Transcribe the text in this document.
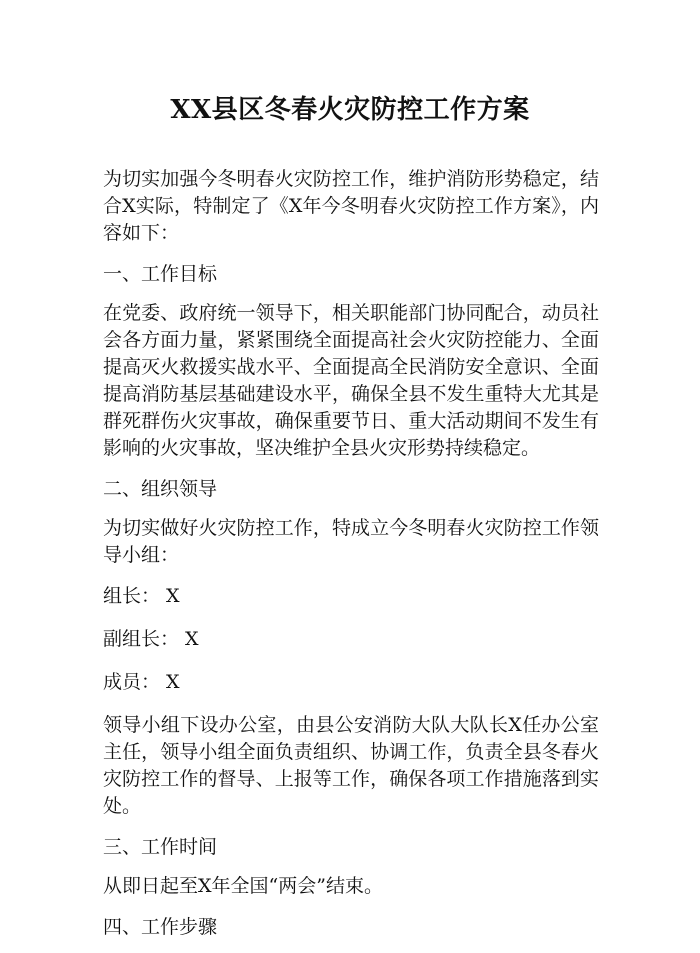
XX县区冬春火灾防控工作方案

为切实加强今冬明春火灾防控工作，维护消防形势稳定，结合X实际，特制定了《X年今冬明春火灾防控工作方案》，内容如下：

一、工作目标

在党委、政府统一领导下，相关职能部门协同配合，动员社会各方面力量，紧紧围绕全面提高社会火灾防控能力、全面提高灭火救援实战水平、全面提高全民消防安全意识、全面提高消防基层基础建设水平，确保全县不发生重特大尤其是群死群伤火灾事故，确保重要节日、重大活动期间不发生有影响的火灾事故，坚决维护全县火灾形势持续稳定。

二、组织领导

为切实做好火灾防控工作，特成立今冬明春火灾防控工作领导小组：

组长： X

副组长： X

成员： X

领导小组下设办公室，由县公安消防大队大队长X任办公室主任，领导小组全面负责组织、协调工作，负责全县冬春火灾防控工作的督导、上报等工作，确保各项工作措施落到实处。

三、工作时间

从即日起至X年全国“两会”结束。

四、工作步骤
